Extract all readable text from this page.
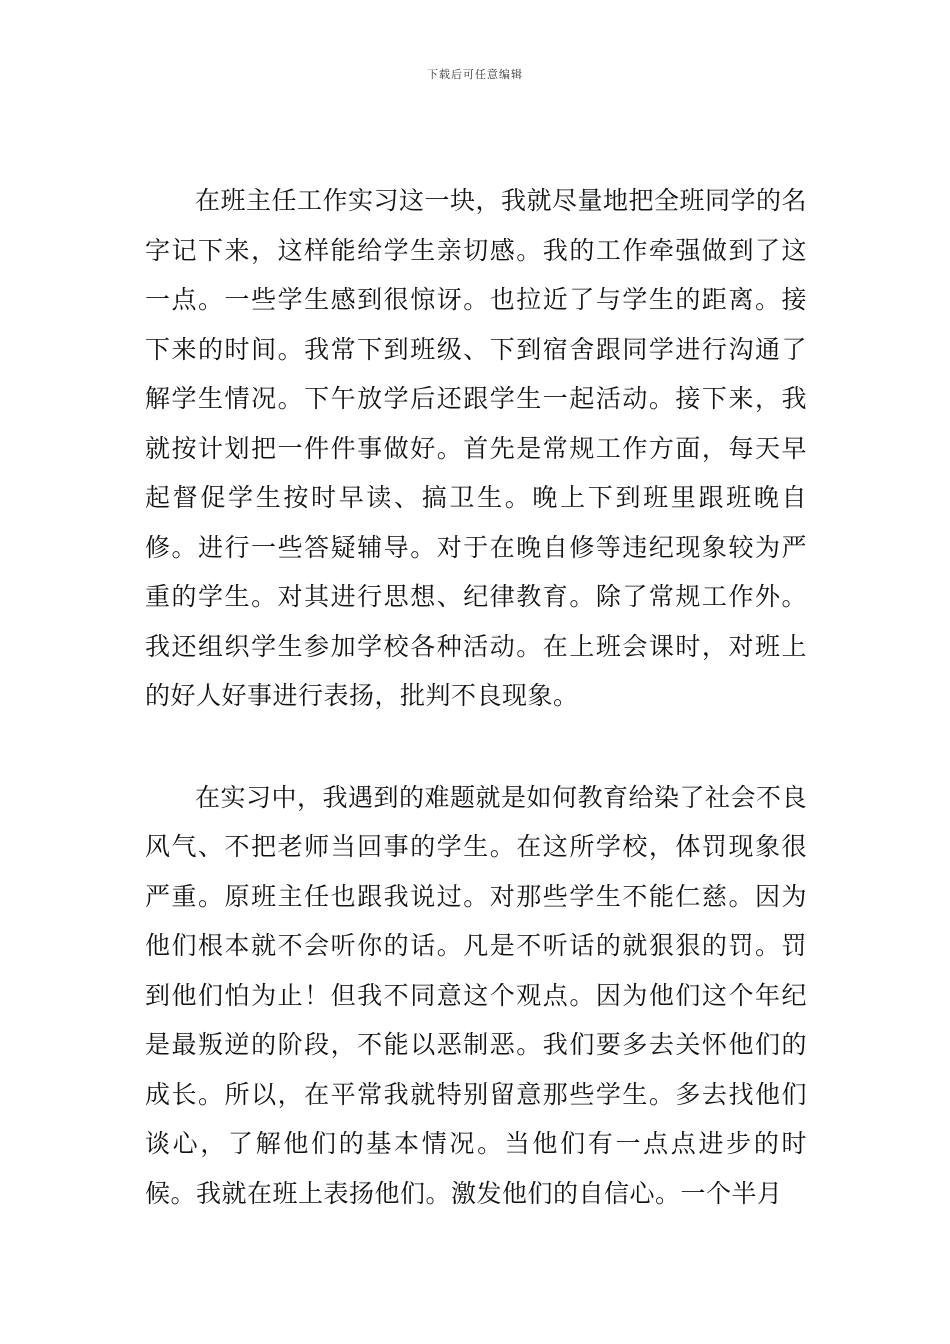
下载后可任意编辑

在班主任工作实习这一块，我就尽量地把全班同学的名字记下来，这样能给学生亲切感。我的工作牵强做到了这一点。一些学生感到很惊讶。也拉近了与学生的距离。接下来的时间。我常下到班级、下到宿舍跟同学进行沟通了解学生情况。下午放学后还跟学生一起活动。接下来，我就按计划把一件件事做好。首先是常规工作方面，每天早起督促学生按时早读、搞卫生。晚上下到班里跟班晚自修。进行一些答疑辅导。对于在晚自修等违纪现象较为严重的学生。对其进行思想、纪律教育。除了常规工作外。我还组织学生参加学校各种活动。在上班会课时，对班上的好人好事进行表扬，批判不良现象。

在实习中，我遇到的难题就是如何教育给染了社会不良风气、不把老师当回事的学生。在这所学校，体罚现象很严重。原班主任也跟我说过。对那些学生不能仁慈。因为他们根本就不会听你的话。凡是不听话的就狠狠的罚。罚到他们怕为止！但我不同意这个观点。因为他们这个年纪是最叛逆的阶段，不能以恶制恶。我们要多去关怀他们的成长。所以，在平常我就特别留意那些学生。多去找他们谈心，了解他们的基本情况。当他们有一点点进步的时候。我就在班上表扬他们。激发他们的自信心。一个半月
